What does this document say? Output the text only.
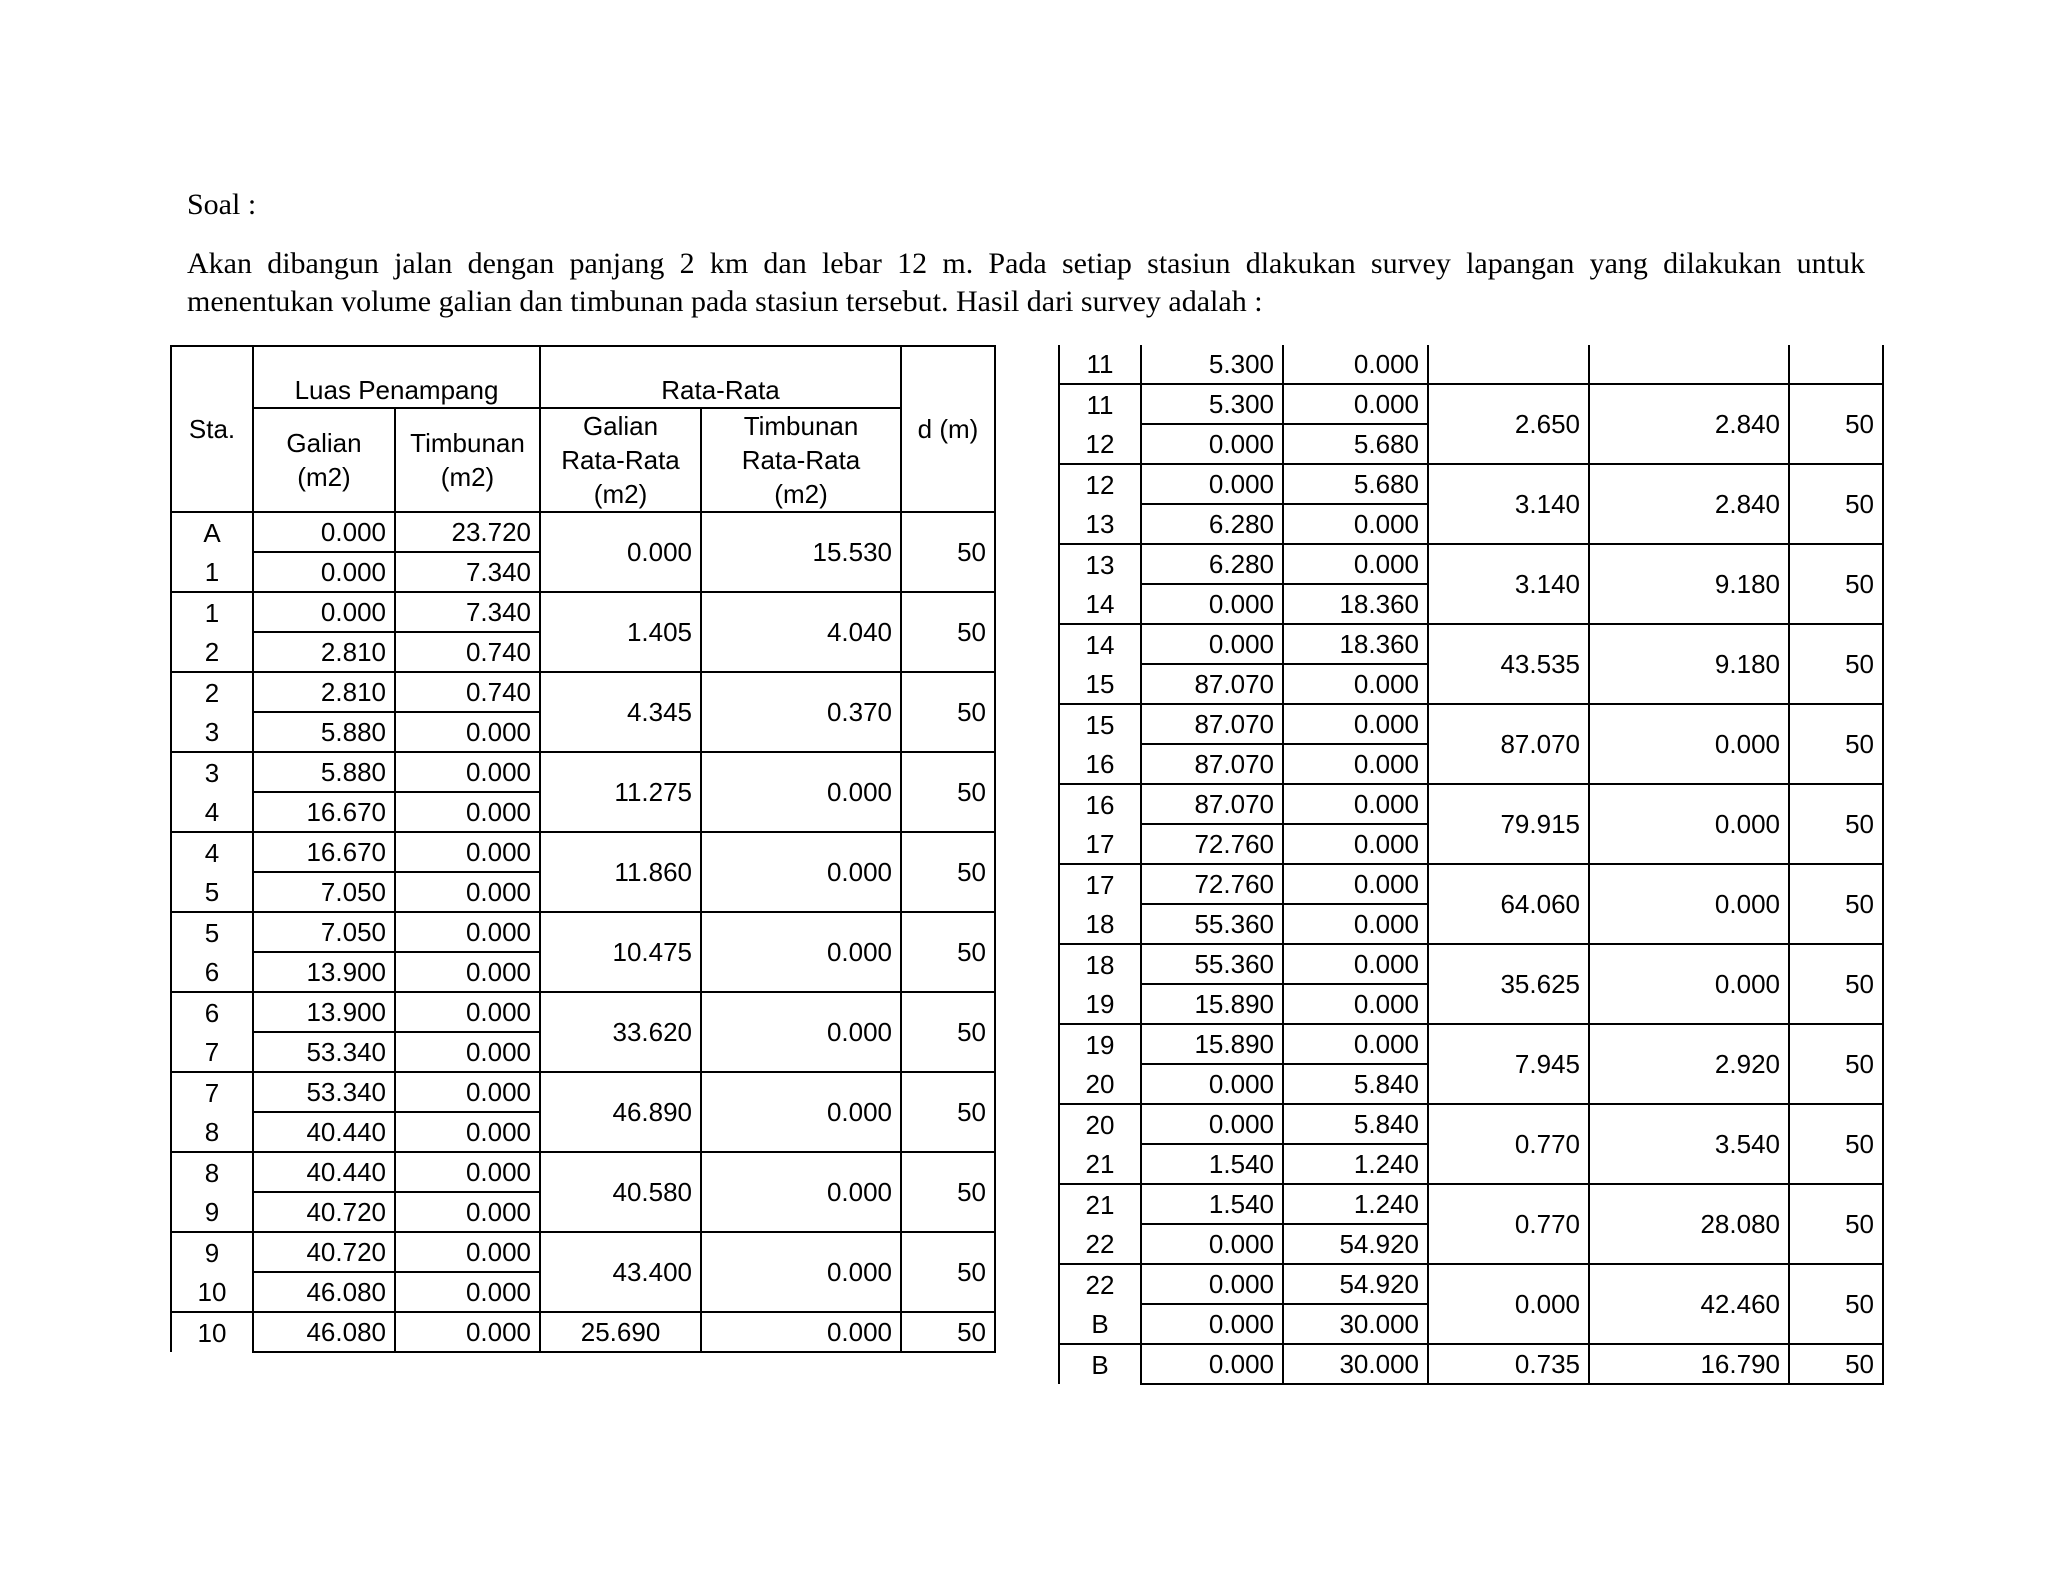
Soal :
Akan dibangun jalan dengan panjang 2 km dan lebar 12 m. Pada setiap stasiun dlakukan survey lapangan yang dilakukan untuk menentukan volume galian dan timbunan pada stasiun tersebut. Hasil dari survey adalah :
Sta.	Luas Penampang		Rata-Rata		d (m)
	Galian (m2)	Timbunan (m2)	Galian Rata-Rata (m2)	Timbunan Rata-Rata (m2)	
A	0.000	23.720	0.000	15.530	50
1	0.000	7.340			
1	0.000	7.340	1.405	4.040	50
2	2.810	0.740			
2	2.810	0.740	4.345	0.370	50
3	5.880	0.000			
3	5.880	0.000	11.275	0.000	50
4	16.670	0.000			
4	16.670	0.000	11.860	0.000	50
5	7.050	0.000			
5	7.050	0.000	10.475	0.000	50
6	13.900	0.000			
6	13.900	0.000	33.620	0.000	50
7	53.340	0.000			
7	53.340	0.000	46.890	0.000	50
8	40.440	0.000			
8	40.440	0.000	40.580	0.000	50
9	40.720	0.000			
9	40.720	0.000	43.400	0.000	50
10	46.080	0.000			
10	46.080	0.000	25.690	0.000	50
11	5.300	0.000			
11	5.300	0.000	2.650	2.840	50
12	0.000	5.680			
12	0.000	5.680	3.140	2.840	50
13	6.280	0.000			
13	6.280	0.000	3.140	9.180	50
14	0.000	18.360			
14	0.000	18.360	43.535	9.180	50
15	87.070	0.000			
15	87.070	0.000	87.070	0.000	50
16	87.070	0.000			
16	87.070	0.000	79.915	0.000	50
17	72.760	0.000			
17	72.760	0.000	64.060	0.000	50
18	55.360	0.000			
18	55.360	0.000	35.625	0.000	50
19	15.890	0.000			
19	15.890	0.000	7.945	2.920	50
20	0.000	5.840			
20	0.000	5.840	0.770	3.540	50
21	1.540	1.240			
21	1.540	1.240	0.770	28.080	50
22	0.000	54.920			
22	0.000	54.920	0.000	42.460	50
B	0.000	30.000			
B	0.000	30.000	0.735	16.790	50
